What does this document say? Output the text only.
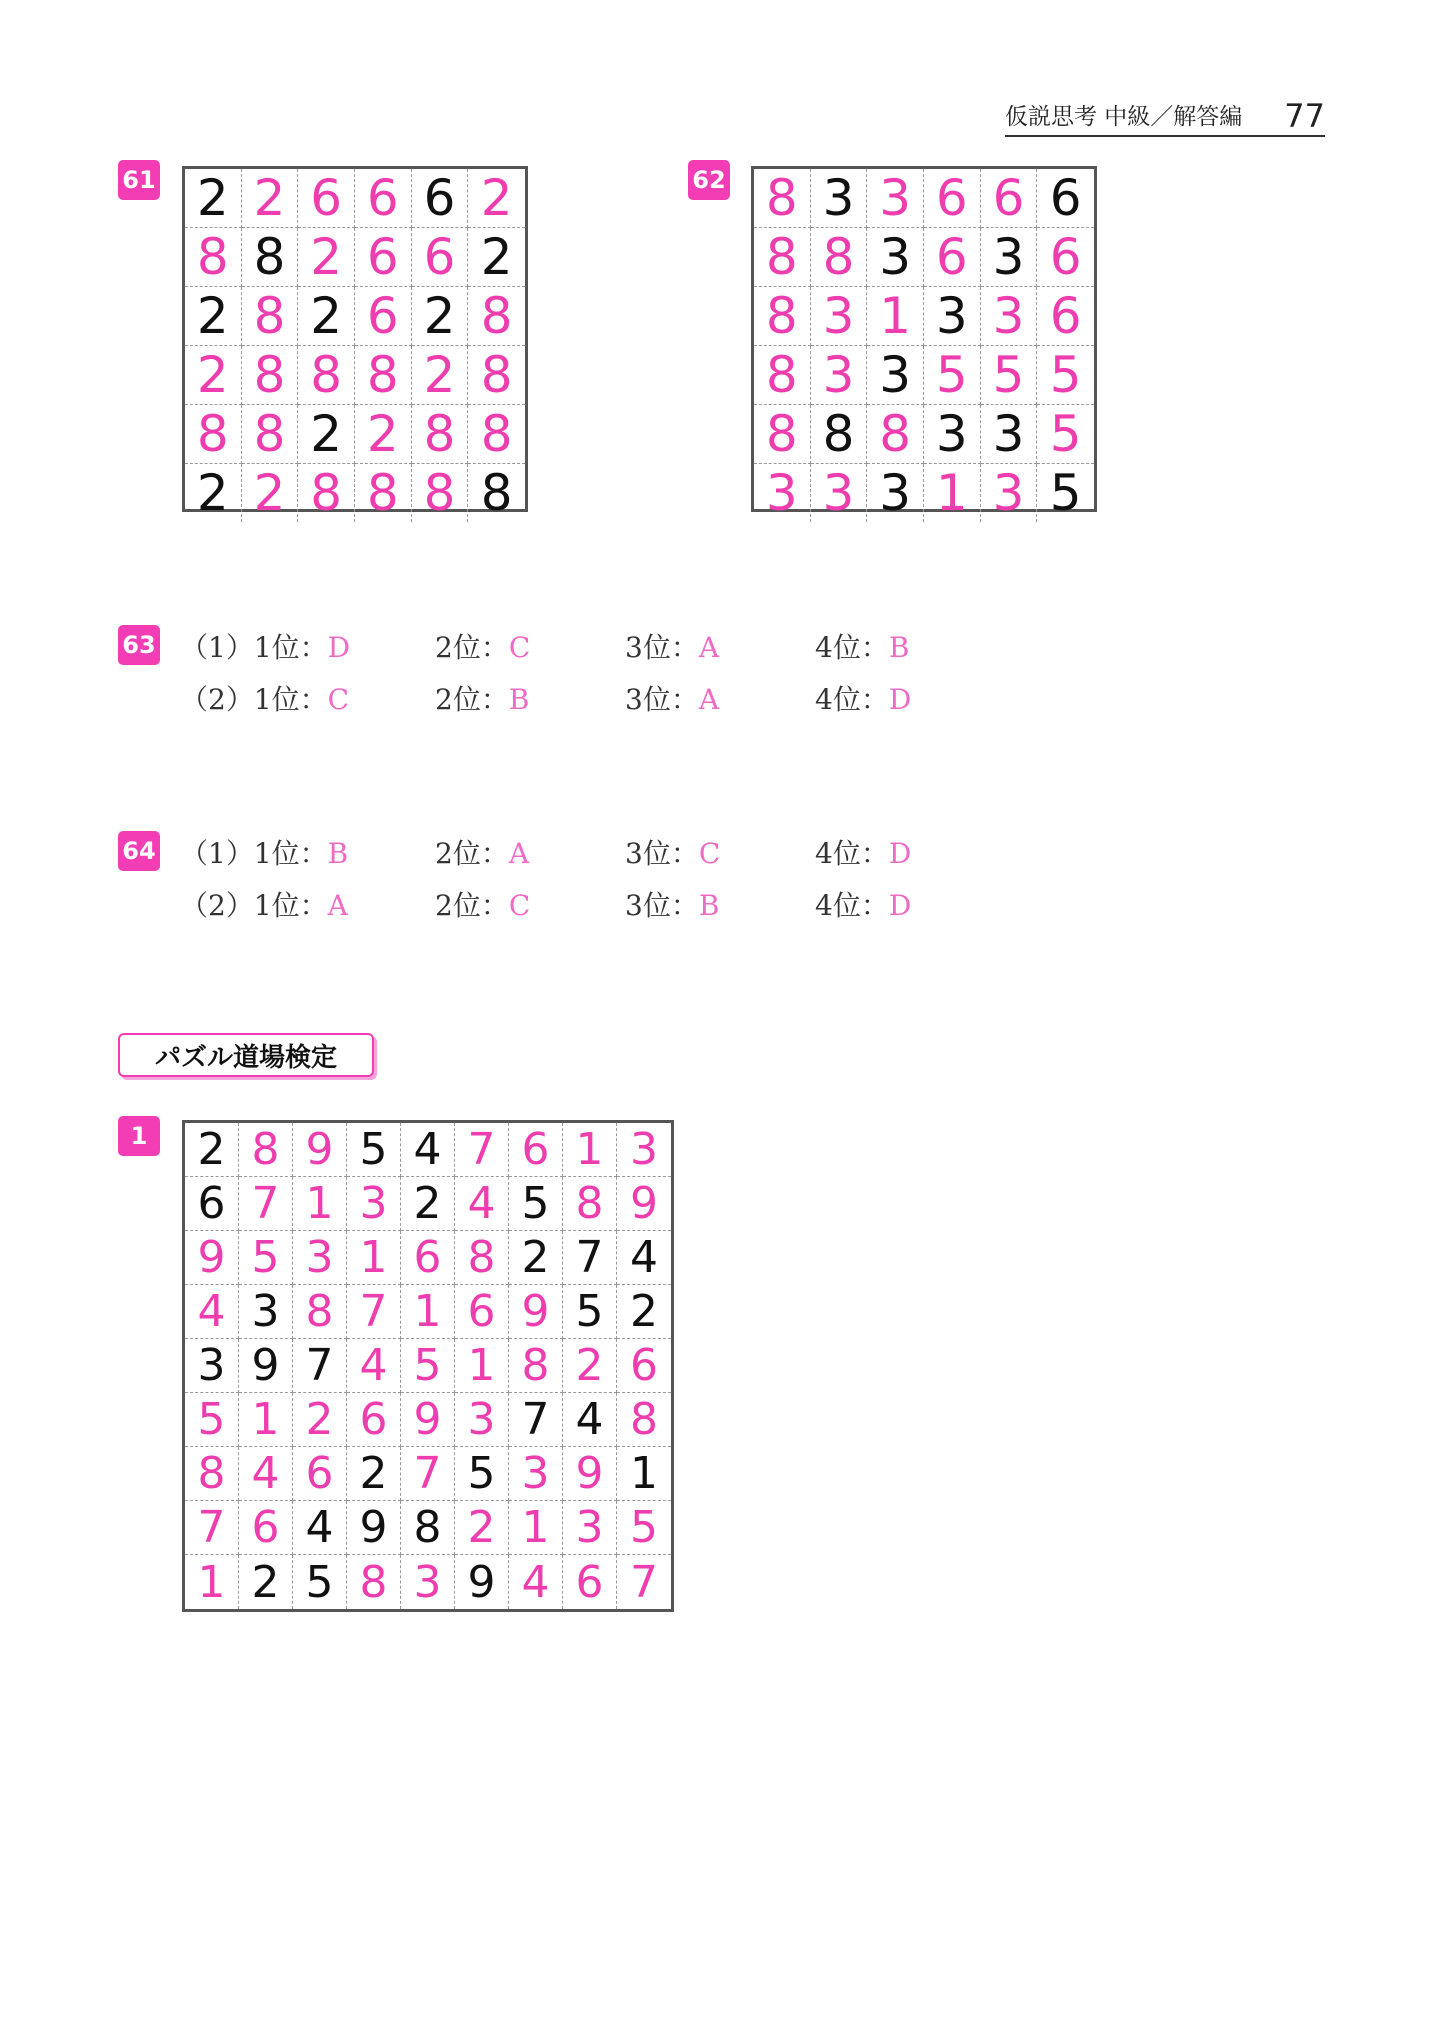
仮説思考 中級／解答編 77
61 2 2 6 6 6 2
8 8 2 6 6 2
2 8 2 6 2 8
2 8 8 8 2 8
8 8 2 2 8 8
2 2 8 8 8 8
62 8 3 3 6 6 6
8 8 3 6 3 6
8 3 1 3 3 6
8 3 3 5 5 5
8 8 8 3 3 5
3 3 3 1 3 5
63 （1）1位：D	2位：C	3位：A	4位：B
（2）1位：C	2位：B	3位：A	4位：D
64 （1）1位：B	2位：A	3位：C	4位：D
（2）1位：A	2位：C	3位：B	4位：D
パズル道場検定
1 2 8 9 5 4 7 6 1 3
6 7 1 3 2 4 5 8 9
9 5 3 1 6 8 2 7 4
4 3 8 7 1 6 9 5 2
3 9 7 4 5 1 8 2 6
5 1 2 6 9 3 7 4 8
8 4 6 2 7 5 3 9 1
7 6 4 9 8 2 1 3 5
1 2 5 8 3 9 4 6 7
